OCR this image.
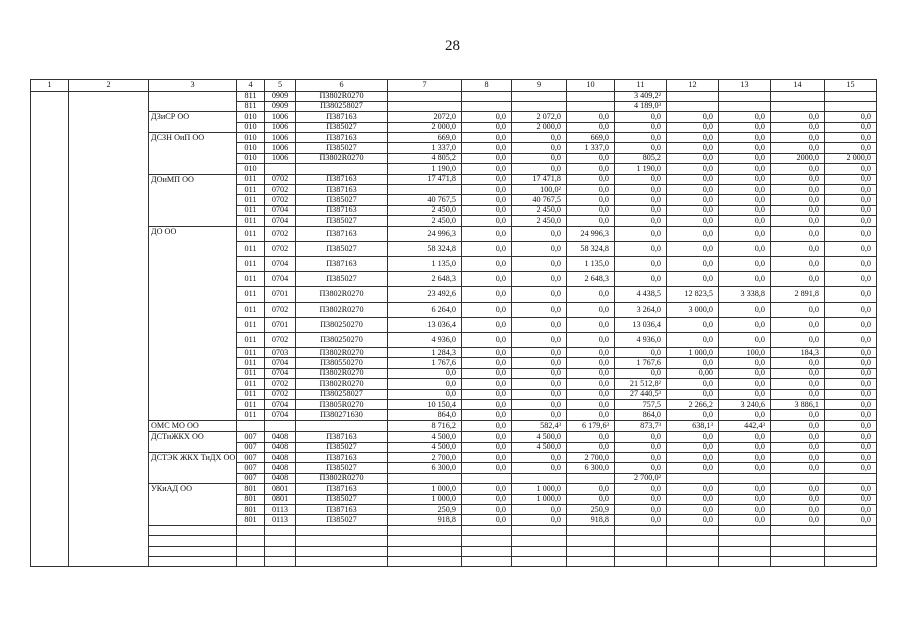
28
1	2	3	4	5	6	7	8	9	10	11	12	13	14	15
			811	0909	П3802R0270					3 409,2²				
			811	0909	П380258027					4 189,0³				
		ДЗиСР ОО	010	1006	П387163	2072,0	0,0	2 072,0	0,0	0,0	0,0	0,0	0,0	0,0
			010	1006	П385027	2 000,0	0,0	2 000,0	0,0	0,0	0,0	0,0	0,0	0,0
		ДСЗН ОиП ОО	010	1006	П387163	669,0	0,0	0,0	669,0	0,0	0,0	0,0	0,0	0,0
			010	1006	П385027	1 337,0	0,0	0,0	1 337,0	0,0	0,0	0,0	0,0	0,0
			010	1006	П3802R0270	4 805,2	0,0	0,0	0,0	805,2	0,0	0,0	2000,0	2 000,0
			010			1 190,0	0,0	0,0	0,0	1 190,0	0,0	0,0	0,0	0,0
		ДОиМП ОО	011	0702	П387163	17 471,8	0,0	17 471,8	0,0	0,0	0,0	0,0	0,0	0,0
			011	0702	П387163		0,0	100,0²	0,0	0,0	0,0	0,0	0,0	0,0
			011	0702	П385027	40 767,5	0,0	40 767,5	0,0	0,0	0,0	0,0	0,0	0,0
			011	0704	П387163	2 450,0	0,0	2 450,0	0,0	0,0	0,0	0,0	0,0	0,0
			011	0704	П385027	2 450,0	0,0	2 450,0	0,0	0,0	0,0	0,0	0,0	0,0
		ДО ОО	011	0702	П387163	24 996,3	0,0	0,0	24 996,3	0,0	0,0	0,0	0,0	0,0
			011	0702	П385027	58 324,8	0,0	0,0	58 324,8	0,0	0,0	0,0	0,0	0,0
			011	0704	П387163	1 135,0	0,0	0,0	1 135,0	0,0	0,0	0,0	0,0	0,0
			011	0704	П385027	2 648,3	0,0	0,0	2 648,3	0,0	0,0	0,0	0,0	0,0
			011	0701	П3802R0270	23 492,6	0,0	0,0	0,0	4 438,5	12 823,5	3 338,8	2 891,8	0,0
			011	0702	П3802R0270	6 264,0	0,0	0,0	0,0	3 264,0	3 000,0	0,0	0,0	0,0
			011	0701	П380250270	13 036,4	0,0	0,0	0,0	13 036,4	0,0	0,0	0,0	0,0
			011	0702	П380250270	4 936,0	0,0	0,0	0,0	4 936,0	0,0	0,0	0,0	0,0
			011	0703	П3802R0270	1 284,3	0,0	0,0	0,0	0,0	1 000,0	100,0	184,3	0,0
			011	0704	П380550270	1 767,6	0,0	0,0	0,0	1 767,6	0,0	0,0	0,0	0,0
			011	0704	П3802R0270	0,0	0,0	0,0	0,0	0,0	0,00	0,0	0,0	0,0
			011	0702	П3802R0270	0,0	0,0	0,0	0,0	21 512,8²	0,0	0,0	0,0	0,0
			011	0702	П380258027	0,0	0,0	0,0	0,0	27 440,5³	0,0	0,0	0,0	0,0
			011	0704	П3805R0270	10 150,4	0,0	0,0	0,0	757,5	2 266,2	3 240,6	3 886,1	0,0
			011	0704	П380271630	864,0	0,0	0,0	0,0	864,0	0,0	0,0	0,0	0,0
		ОМС МО ОО				8 716,2	0,0	582,4³	6 179,6³	873,7³	638,1³	442,4³	0,0	0,0
		ДСТиЖКХ ОО	007	0408	П387163	4 500,0	0,0	4 500,0	0,0	0,0	0,0	0,0	0,0	0,0
			007	0408	П385027	4 500,0	0,0	4 500,0	0,0	0,0	0,0	0,0	0,0	0,0
		ДСТЭК ЖКХ ТиДХ ОО	007	0408	П387163	2 700,0	0,0	0,0	2 700,0	0,0	0,0	0,0	0,0	0,0
			007	0408	П385027	6 300,0	0,0	0,0	6 300,0	0,0	0,0	0,0	0,0	0,0
			007	0408	П3802R0270					2 700,0²				
		УКиАД ОО	801	0801	П387163	1 000,0	0,0	1 000,0	0,0	0,0	0,0	0,0	0,0	0,0
			801	0801	П385027	1 000,0	0,0	1 000,0	0,0	0,0	0,0	0,0	0,0	0,0
			801	0113	П387163	250,9	0,0	0,0	250,9	0,0	0,0	0,0	0,0	0,0
			801	0113	П385027	918,8	0,0	0,0	918,8	0,0	0,0	0,0	0,0	0,0
